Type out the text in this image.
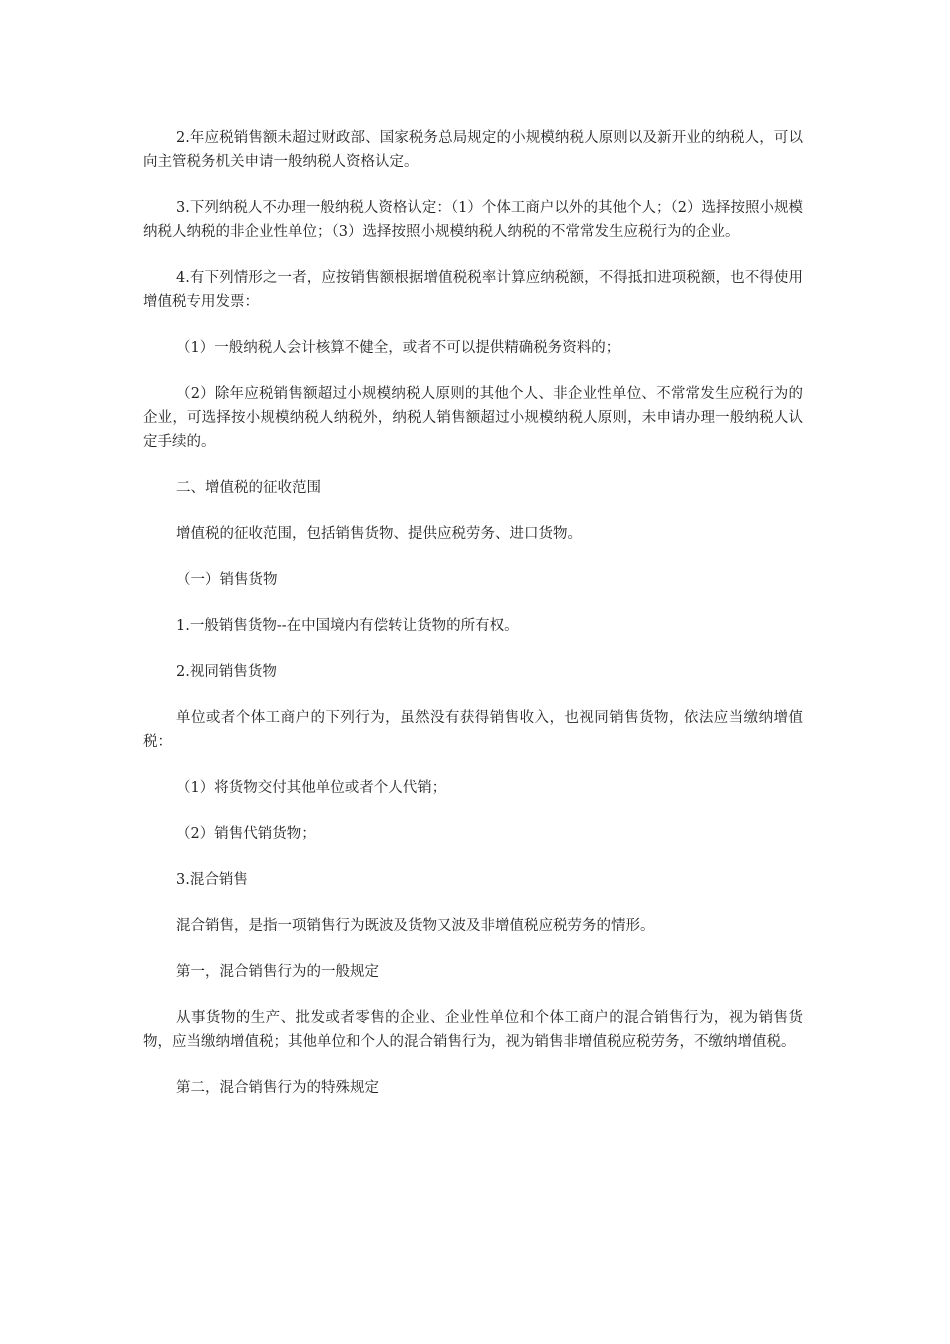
2.年应税销售额未超过财政部、国家税务总局规定的小规模纳税人原则以及新开业的纳税人，可以向主管税务机关申请一般纳税人资格认定。

3.下列纳税人不办理一般纳税人资格认定：（1）个体工商户以外的其他个人；（2）选择按照小规模纳税人纳税的非企业性单位；（3）选择按照小规模纳税人纳税的不常常发生应税行为的企业。

4.有下列情形之一者，应按销售额根据增值税税率计算应纳税额，不得抵扣进项税额，也不得使用增值税专用发票：

（1）一般纳税人会计核算不健全，或者不可以提供精确税务资料的；

（2）除年应税销售额超过小规模纳税人原则的其他个人、非企业性单位、不常常发生应税行为的企业，可选择按小规模纳税人纳税外，纳税人销售额超过小规模纳税人原则，未申请办理一般纳税人认定手续的。

二、增值税的征收范围

增值税的征收范围，包括销售货物、提供应税劳务、进口货物。

（一）销售货物

1.一般销售货物--在中国境内有偿转让货物的所有权。

2.视同销售货物

单位或者个体工商户的下列行为，虽然没有获得销售收入，也视同销售货物，依法应当缴纳增值税：

（1）将货物交付其他单位或者个人代销；

（2）销售代销货物；

3.混合销售

混合销售，是指一项销售行为既波及货物又波及非增值税应税劳务的情形。

第一，混合销售行为的一般规定

从事货物的生产、批发或者零售的企业、企业性单位和个体工商户的混合销售行为，视为销售货物，应当缴纳增值税；其他单位和个人的混合销售行为，视为销售非增值税应税劳务，不缴纳增值税。

第二，混合销售行为的特殊规定
